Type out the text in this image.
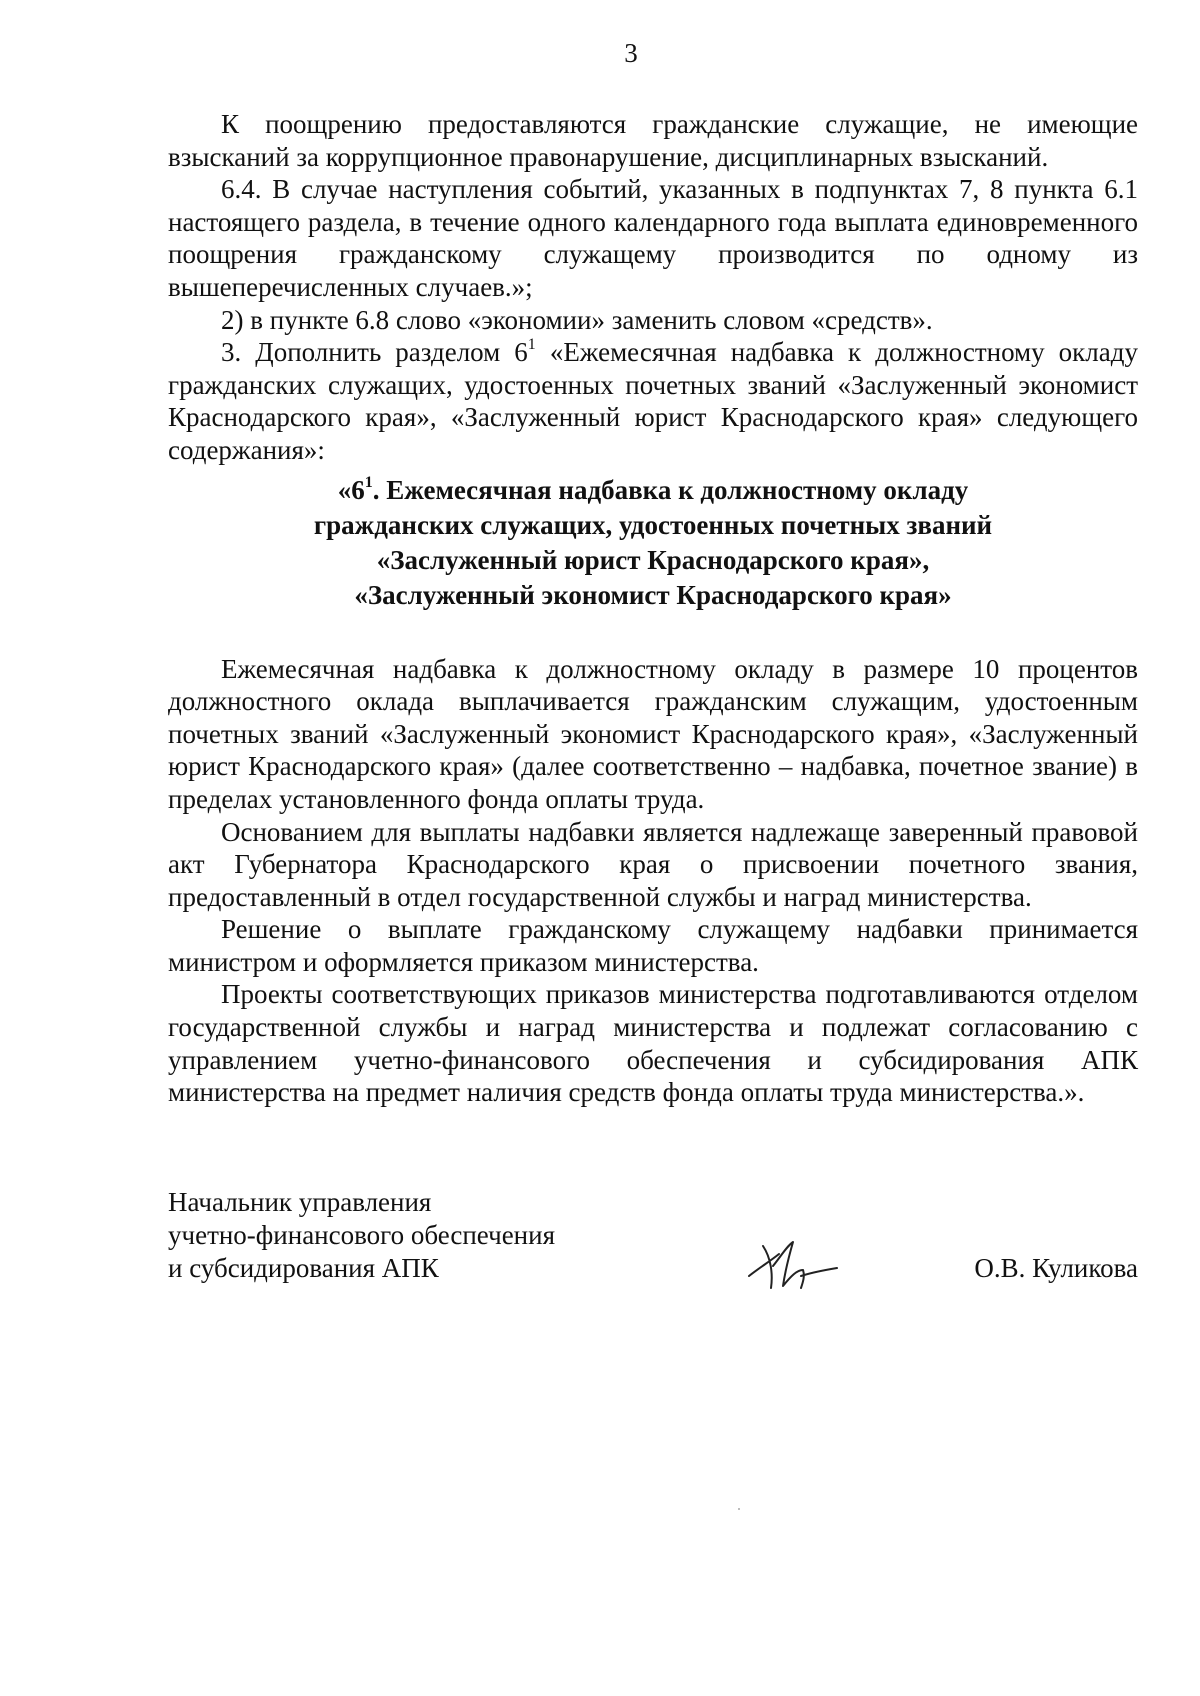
3

К поощрению предоставляются гражданские служащие, не имеющие взысканий за коррупционное правонарушение, дисциплинарных взысканий.

6.4. В случае наступления событий, указанных в подпунктах 7, 8 пункта 6.1 настоящего раздела, в течение одного календарного года выплата единовременного поощрения гражданскому служащему производится по одному из вышеперечисленных случаев.»;

2) в пункте 6.8 слово «экономии» заменить словом «средств».

3. Дополнить разделом $6^1$ «Ежемесячная надбавка к должностному окладу гражданских служащих, удостоенных почетных званий «Заслуженный экономист Краснодарского края», «Заслуженный юрист Краснодарского края» следующего содержания»:

«$6^1$. Ежемесячная надбавка к должностному окладу
гражданских служащих, удостоенных почетных званий
«Заслуженный юрист Краснодарского края»,
«Заслуженный экономист Краснодарского края»

Ежемесячная надбавка к должностному окладу в размере 10 процентов должностного оклада выплачивается гражданским служащим, удостоенным почетных званий «Заслуженный экономист Краснодарского края», «Заслуженный юрист Краснодарского края» (далее соответственно – надбавка, почетное звание) в пределах установленного фонда оплаты труда.

Основанием для выплаты надбавки является надлежаще заверенный правовой акт Губернатора Краснодарского края о присвоении почетного звания, предоставленный в отдел государственной службы и наград министерства.

Решение о выплате гражданскому служащему надбавки принимается министром и оформляется приказом министерства.

Проекты соответствующих приказов министерства подготавливаются отделом государственной службы и наград министерства и подлежат согласованию с управлением учетно-финансового обеспечения и субсидирования АПК министерства на предмет наличия средств фонда оплаты труда министерства.».

Начальник управления
учетно-финансового обеспечения
и субсидирования АПК	О.В. Куликова
